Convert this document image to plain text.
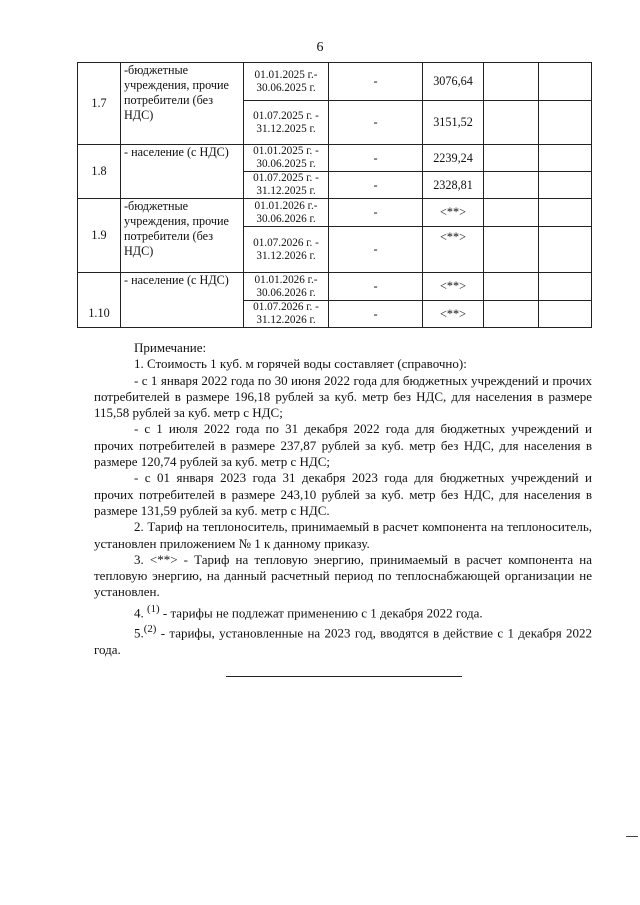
6
1.7	-бюджетные учреждения, прочие потребители (без НДС)	01.01.2025 г.- 30.06.2025 г.	-	3076,64		
		01.07.2025 г. - 31.12.2025 г.	-	3151,52		
1.8	- население (с НДС)	01.01.2025 г. - 30.06.2025 г.	-	2239,24		
		01.07.2025 г. - 31.12.2025 г.	-	2328,81		
1.9	-бюджетные учреждения, прочие потребители (без НДС)	01.01.2026 г.- 30.06.2026 г.	-	<**>		
		01.07.2026 г. - 31.12.2026 г.	-	<**>		
1.10	- население (с НДС)	01.01.2026 г.- 30.06.2026 г.	-	<**>		
		01.07.2026 г. - 31.12.2026 г.	-	<**>		

Примечание:

1. Стоимость 1 куб. м горячей воды составляет (справочно):

- с 1 января 2022 года по 30 июня 2022 года для бюджетных учреждений и прочих потребителей в размере 196,18 рублей за куб. метр без НДС, для населения в размере 115,58 рублей за куб. метр с НДС;

- с 1 июля 2022 года по 31 декабря 2022 года для бюджетных учреждений и прочих потребителей в размере 237,87 рублей за куб. метр без НДС, для населения в размере 120,74 рублей за куб. метр с НДС;

- с 01 января 2023 года 31 декабря 2023 года для бюджетных учреждений и прочих потребителей в размере 243,10 рублей за куб. метр без НДС, для населения в размере 131,59 рублей за куб. метр с НДС.

2. Тариф на теплоноситель, принимаемый в расчет компонента на теплоноситель, установлен приложением № 1 к данному приказу.

3. <**> - Тариф на тепловую энергию, принимаемый в расчет компонента на тепловую энергию, на данный расчетный период по теплоснабжающей организации не установлен.

4. $^{(1)}$ - тарифы не подлежат применению с 1 декабря 2022 года.

5.$^{(2)}$ - тарифы, установленные на 2023 год, вводятся в действие с 1 декабря 2022 года.
